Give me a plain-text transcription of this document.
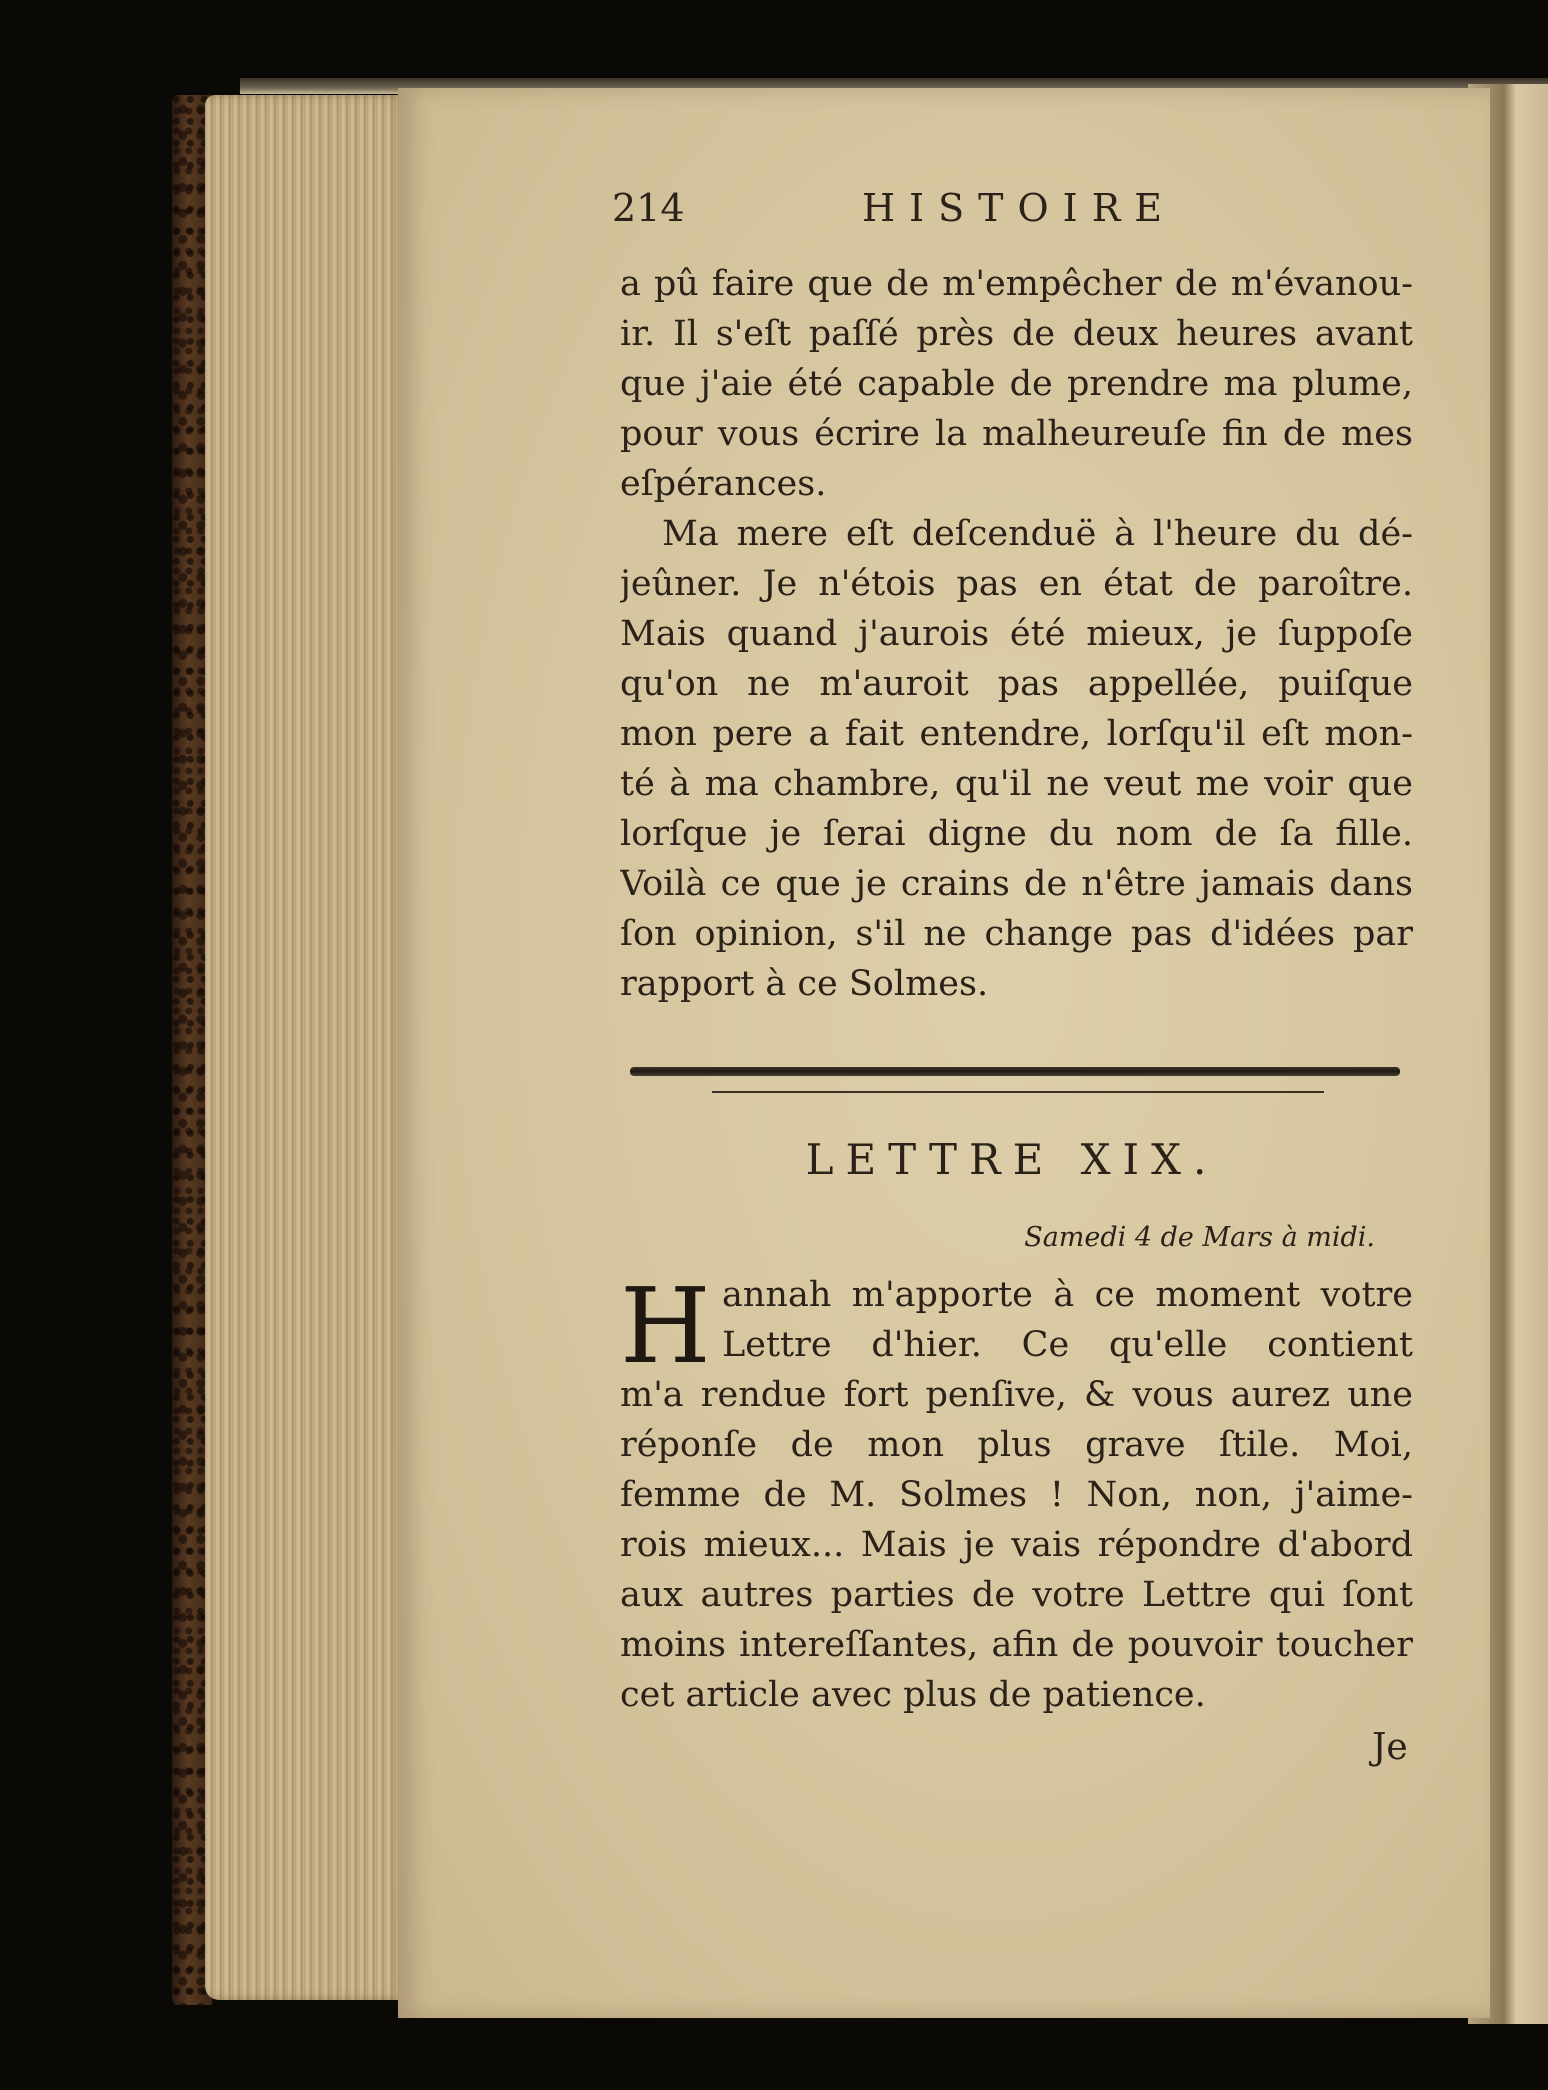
214	HISTOIRE
a pû faire que de m'empêcher de m'évanou-
ir. Il s'eſt paſſé près de deux heures avant
que j'aie été capable de prendre ma plume,
pour vous écrire la malheureuſe fin de mes
eſpérances.
Ma mere eſt deſcenduë à l'heure du dé-
jeûner. Je n'étois pas en état de paroître.
Mais quand j'aurois été mieux, je ſuppoſe
qu'on ne m'auroit pas appellée, puiſque
mon pere a fait entendre, lorſqu'il eſt mon-
té à ma chambre, qu'il ne veut me voir que
lorſque je ſerai digne du nom de ſa fille.
Voilà ce que je crains de n'être jamais dans
ſon opinion, s'il ne change pas d'idées par
rapport à ce Solmes.
LETTRE XIX.
Samedi 4 de Mars à midi.
H annah m'apporte à ce moment votre
Lettre d'hier. Ce qu'elle contient
m'a rendue fort penſive, & vous aurez une
réponſe de mon plus grave ſtile. Moi,
femme de M. Solmes ! Non, non, j'aime-
rois mieux... Mais je vais répondre d'abord
aux autres parties de votre Lettre qui ſont
moins intereſſantes, afin de pouvoir toucher
cet article avec plus de patience.
Je
